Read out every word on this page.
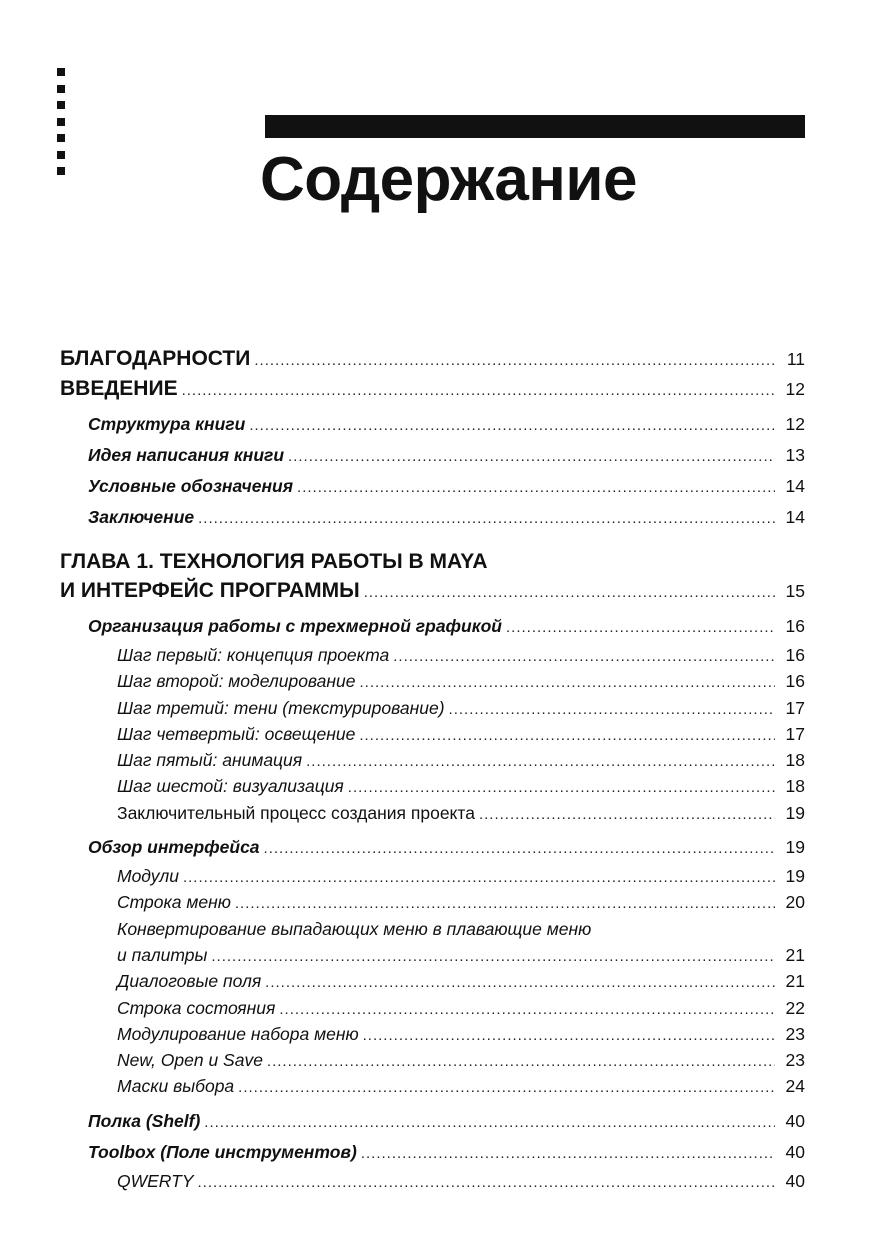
Содержание
БЛАГОДАРНОСТИ .....	11
ВВЕДЕНИЕ .....	12
Структура книги .....	12
Идея написания книги .....	13
Условные обозначения .....	14
Заключение .....	14
ГЛАВА 1. ТЕХНОЛОГИЯ РАБОТЫ В MAYA
И ИНТЕРФЕЙС ПРОГРАММЫ .....	15
Организация работы с трехмерной графикой .....	16
Шаг первый: концепция проекта .....	16
Шаг второй: моделирование .....	16
Шаг третий: тени (текстурирование) .....	17
Шаг четвертый: освещение .....	17
Шаг пятый: анимация .....	18
Шаг шестой: визуализация .....	18
Заключительный процесс создания проекта .....	19
Обзор интерфейса .....	19
Модули .....	19
Строка меню .....	20
Конвертирование выпадающих меню в плавающие меню
и палитры .....	21
Диалоговые поля .....	21
Строка состояния .....	22
Модулирование набора меню .....	23
New, Open и Save .....	23
Маски выбора .....	24
Полка (Shelf) .....	40
Toolbox (Поле инструментов) .....	40
QWERTY .....	40
